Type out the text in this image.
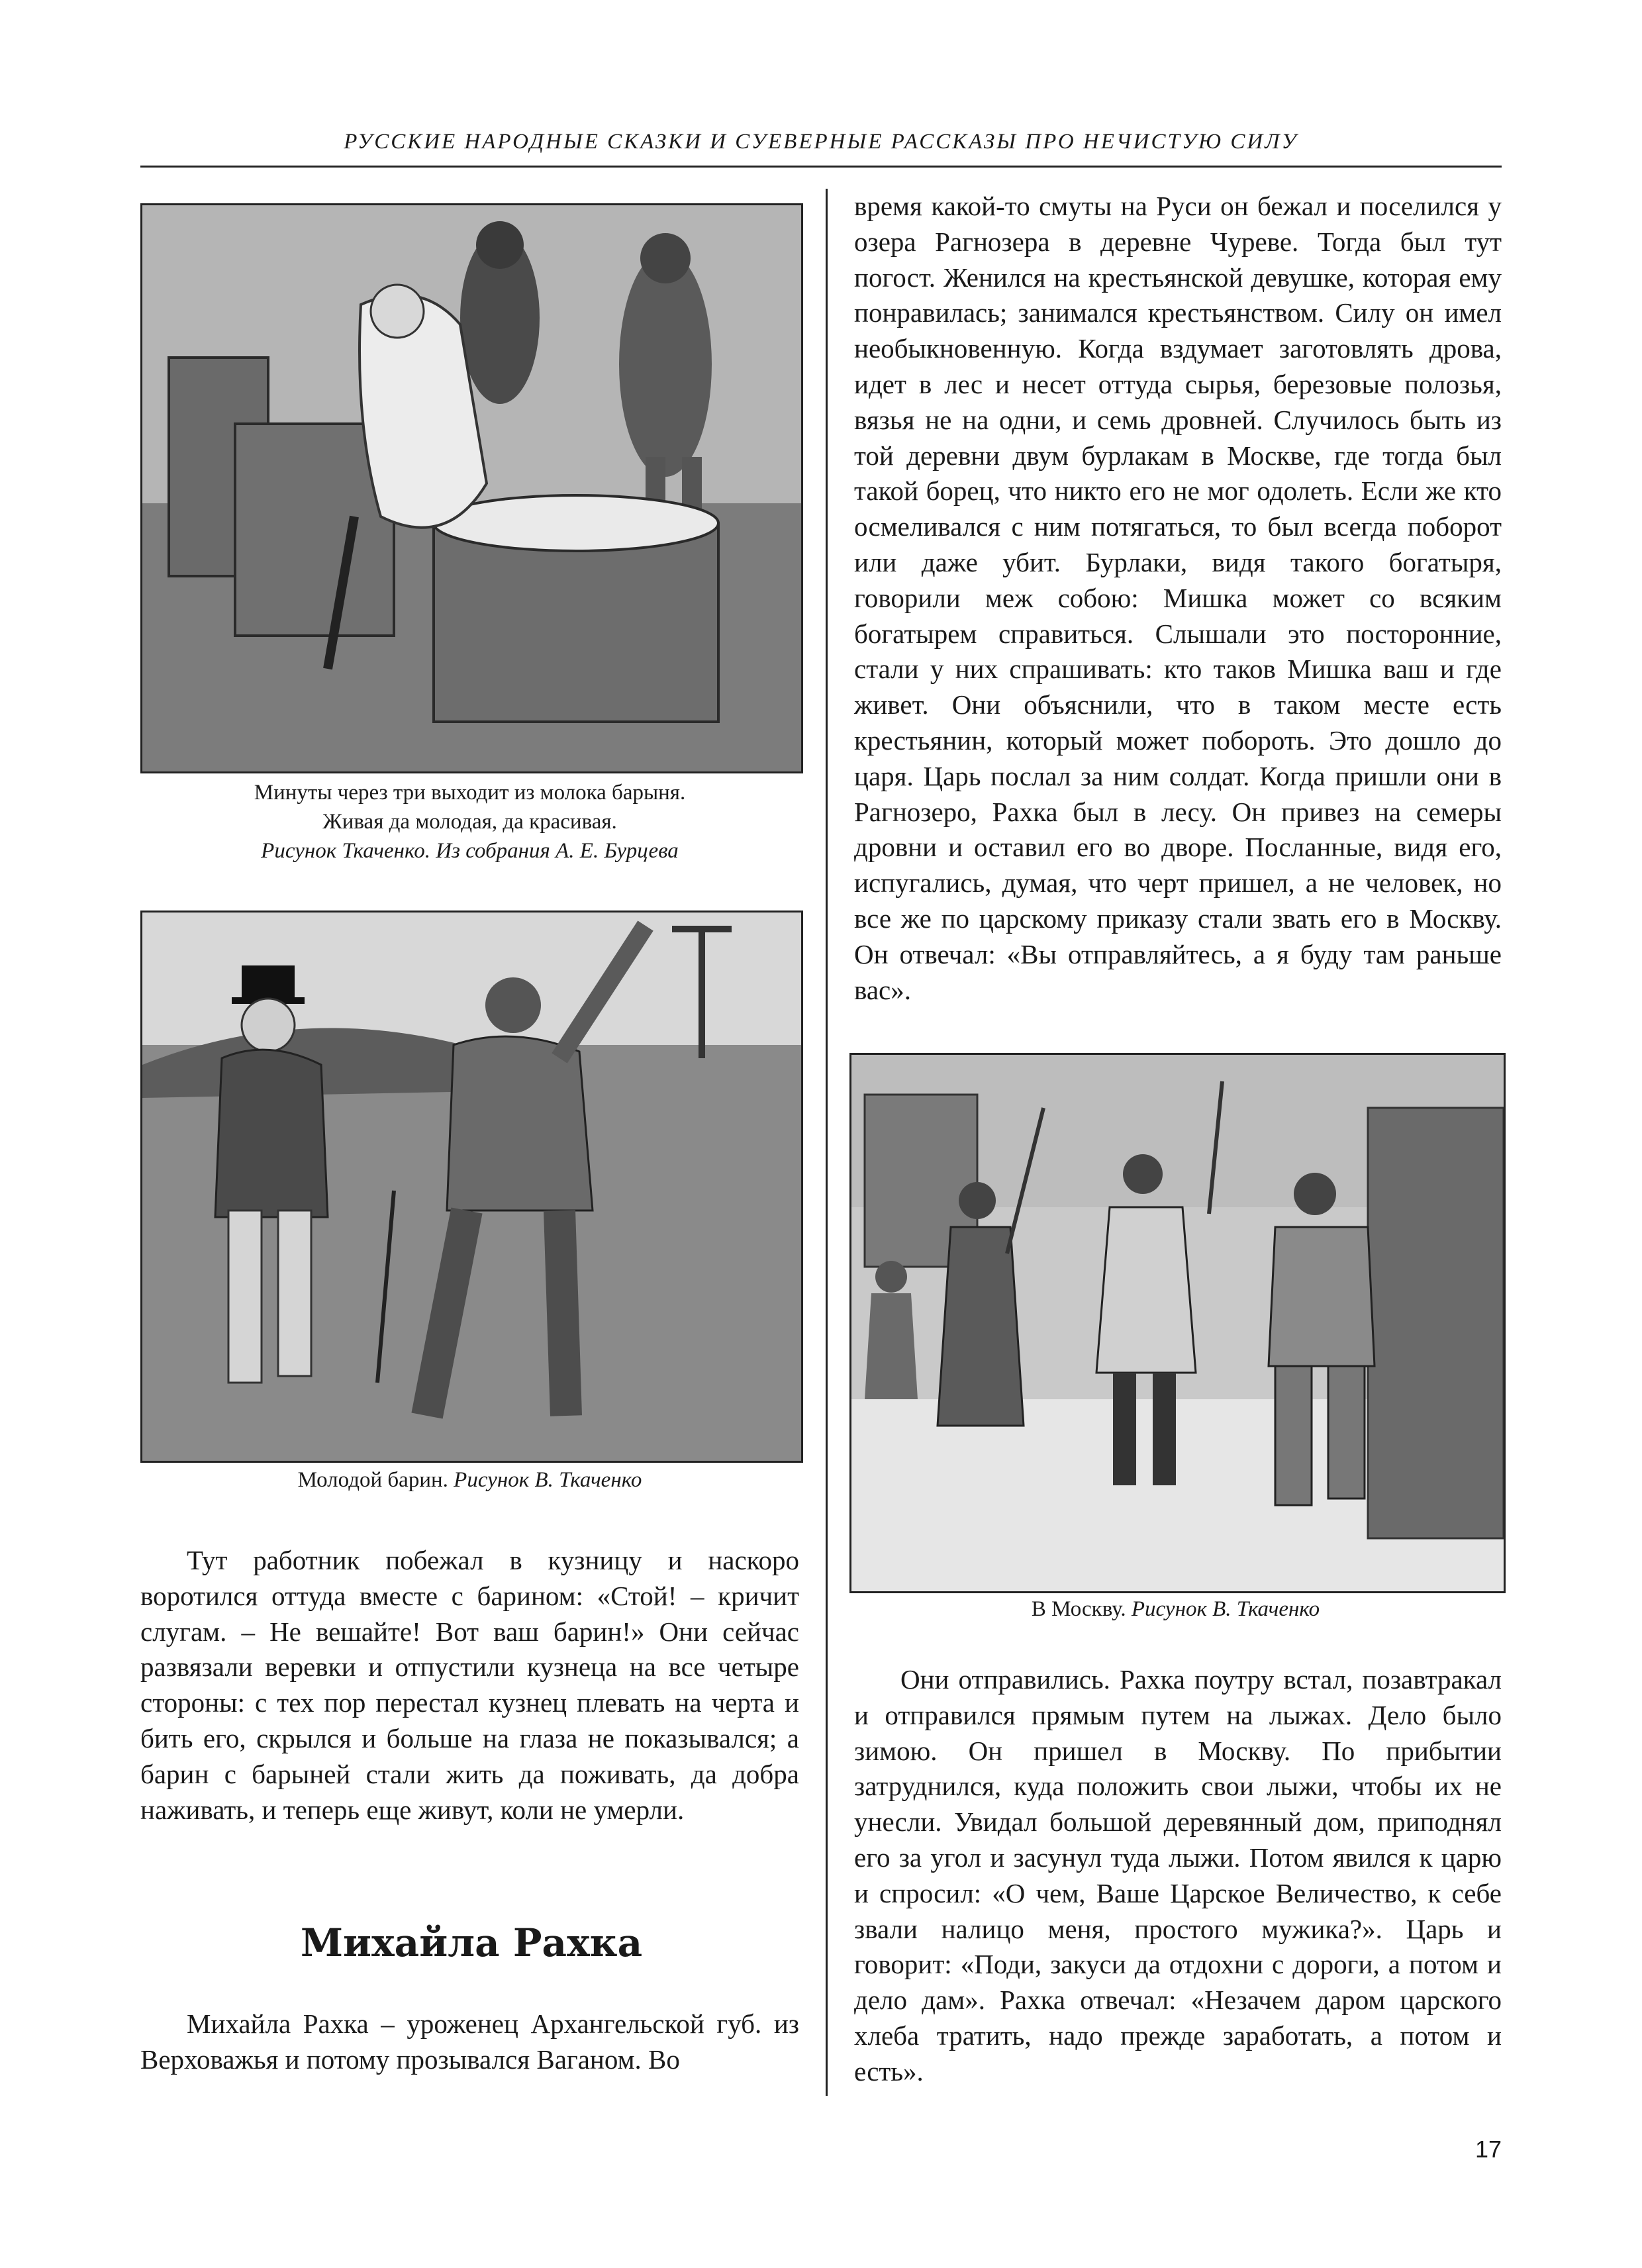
РУССКИЕ НАРОДНЫЕ СКАЗКИ И СУЕВЕРНЫЕ РАССКАЗЫ ПРО НЕЧИСТУЮ СИЛУ
Минуты через три выходит из молока барыня.
Живая да молодая, да красивая.
Рисунок Ткаченко. Из собрания А. Е. Бурцева
Молодой барин. Рисунок В. Ткаченко

Тут работник побежал в кузницу и наскоро воротился оттуда вместе с барином: «Стой! – кричит слугам. – Не вешайте! Вот ваш барин!» Они сейчас развязали веревки и отпустили кузнеца на все четыре стороны: с тех пор перестал кузнец плевать на черта и бить его, скрылся и больше на глаза не показывался; а барин с барыней стали жить да поживать, да добра наживать, и теперь еще живут, коли не умерли.

Михайла Рахка

Михайла Рахка – уроженец Архангельской губ. из Верховажья и потому прозывался Ваганом. Во

время какой-то смуты на Руси он бежал и поселился у озера Рагнозера в деревне Чуреве. Тогда был тут погост. Женился на крестьянской девушке, которая ему понравилась; занимался крестьянством. Силу он имел необыкновенную. Когда вздумает заготовлять дрова, идет в лес и несет оттуда сырья, березовые полозья, вязья не на одни, и семь дровней. Случилось быть из той деревни двум бурлакам в Москве, где тогда был такой борец, что никто его не мог одолеть. Если же кто осмеливался с ним потягаться, то был всегда поборот или даже убит. Бурлаки, видя такого богатыря, говорили меж собою: Мишка может со всяким богатырем справиться. Слышали это посторонние, стали у них спрашивать: кто таков Мишка ваш и где живет. Они объяснили, что в таком месте есть крестьянин, который может побороть. Это дошло до царя. Царь послал за ним солдат. Когда пришли они в Рагнозеро, Рахка был в лесу. Он привез на семеры дровни и оставил его во дворе. Посланные, видя его, испугались, думая, что черт пришел, а не человек, но все же по царскому приказу стали звать его в Москву. Он отвечал: «Вы отправляйтесь, а я буду там раньше вас».

В Москву. Рисунок В. Ткаченко

Они отправились. Рахка поутру встал, позавтракал и отправился прямым путем на лыжах. Дело было зимою. Он пришел в Москву. По прибытии затруднился, куда положить свои лыжи, чтобы их не унесли. Увидал большой деревянный дом, приподнял его за угол и засунул туда лыжи. Потом явился к царю и спросил: «О чем, Ваше Царское Величество, к себе звали налицо меня, простого мужика?». Царь и говорит: «Поди, закуси да отдохни с дороги, а потом и дело дам». Рахка отвечал: «Незачем даром царского хлеба тратить, надо прежде заработать, а потом и есть».

17
